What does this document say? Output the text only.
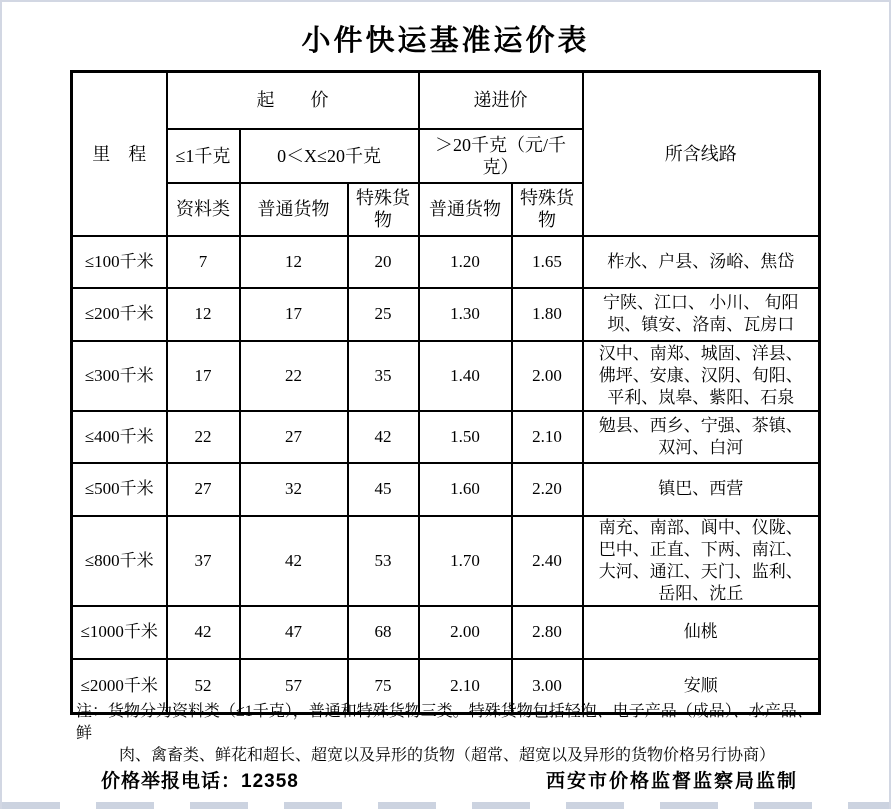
小件快运基准运价表
里　程	起　　价			递进价		所含线路
	≤1千克	0＜X≤20千克		＞20千克（元/千克）		
	资料类	普通货物	特殊货物	普通货物	特殊货物	
≤100千米	7	12	20	1.20	1.65	柞水、户县、汤峪、焦岱
≤200千米	12	17	25	1.30	1.80	宁陕、江口、 小川、 旬阳坝、镇安、洛南、瓦房口
≤300千米	17	22	35	1.40	2.00	汉中、南郑、城固、洋县、佛坪、安康、汉阴、旬阳、平利、岚皋、紫阳、石泉
≤400千米	22	27	42	1.50	2.10	勉县、西乡、宁强、茶镇、双河、白河
≤500千米	27	32	45	1.60	2.20	镇巴、西营
≤800千米	37	42	53	1.70	2.40	南充、南部、阆中、仪陇、巴中、正直、下两、南江、大河、通江、天门、监利、岳阳、沈丘
≤1000千米	42	47	68	2.00	2.80	仙桃
≤2000千米	52	57	75	2.10	3.00	安顺
注：货物分为资料类（≤1千克），普通和特殊货物三类。特殊货物包括轻泡、电子产品（成品）、水产品、鲜
肉、禽畜类、鲜花和超长、超宽以及异形的货物（超常、超宽以及异形的货物价格另行协商）
价格举报电话：12358	西安市价格监督监察局监制
